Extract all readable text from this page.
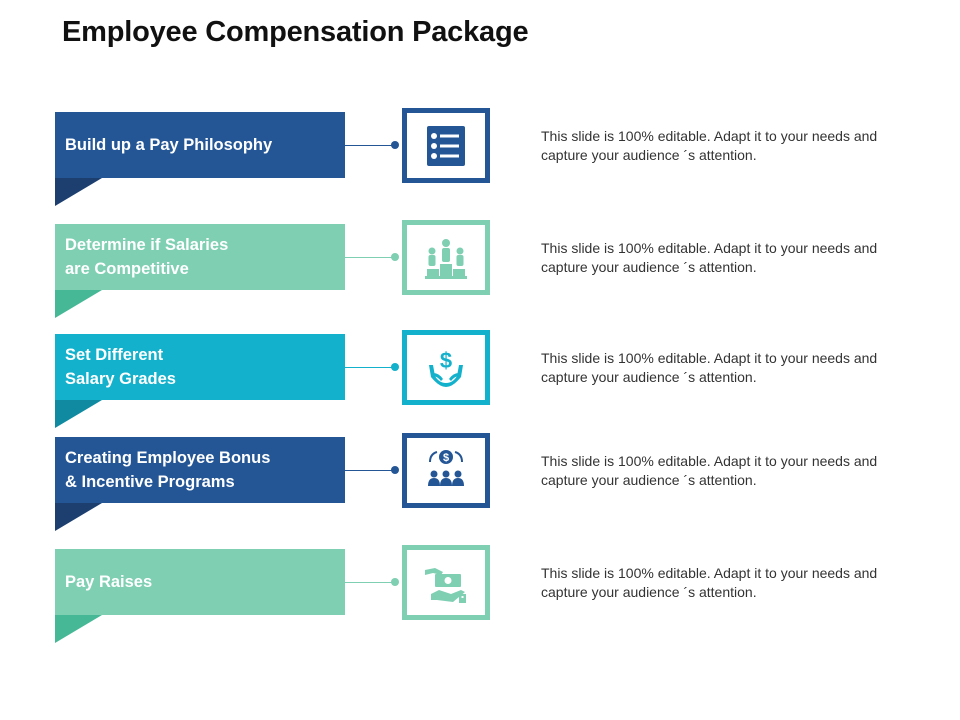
Employee Compensation Package
Build up a Pay Philosophy	This slide is 100% editable. Adapt it to your needs and capture your audience ´s attention.
Determine if Salaries
are Competitive
This slide is 100% editable. Adapt it to your needs and capture your audience ´s attention.
Set Different
Salary Grades
$	This slide is 100% editable. Adapt it to your needs and capture your audience ´s attention.
Creating Employee Bonus
& Incentive Programs
$	This slide is 100% editable. Adapt it to your needs and capture your audience ´s attention.
Pay Raises	This slide is 100% editable. Adapt it to your needs and capture your audience ´s attention.
